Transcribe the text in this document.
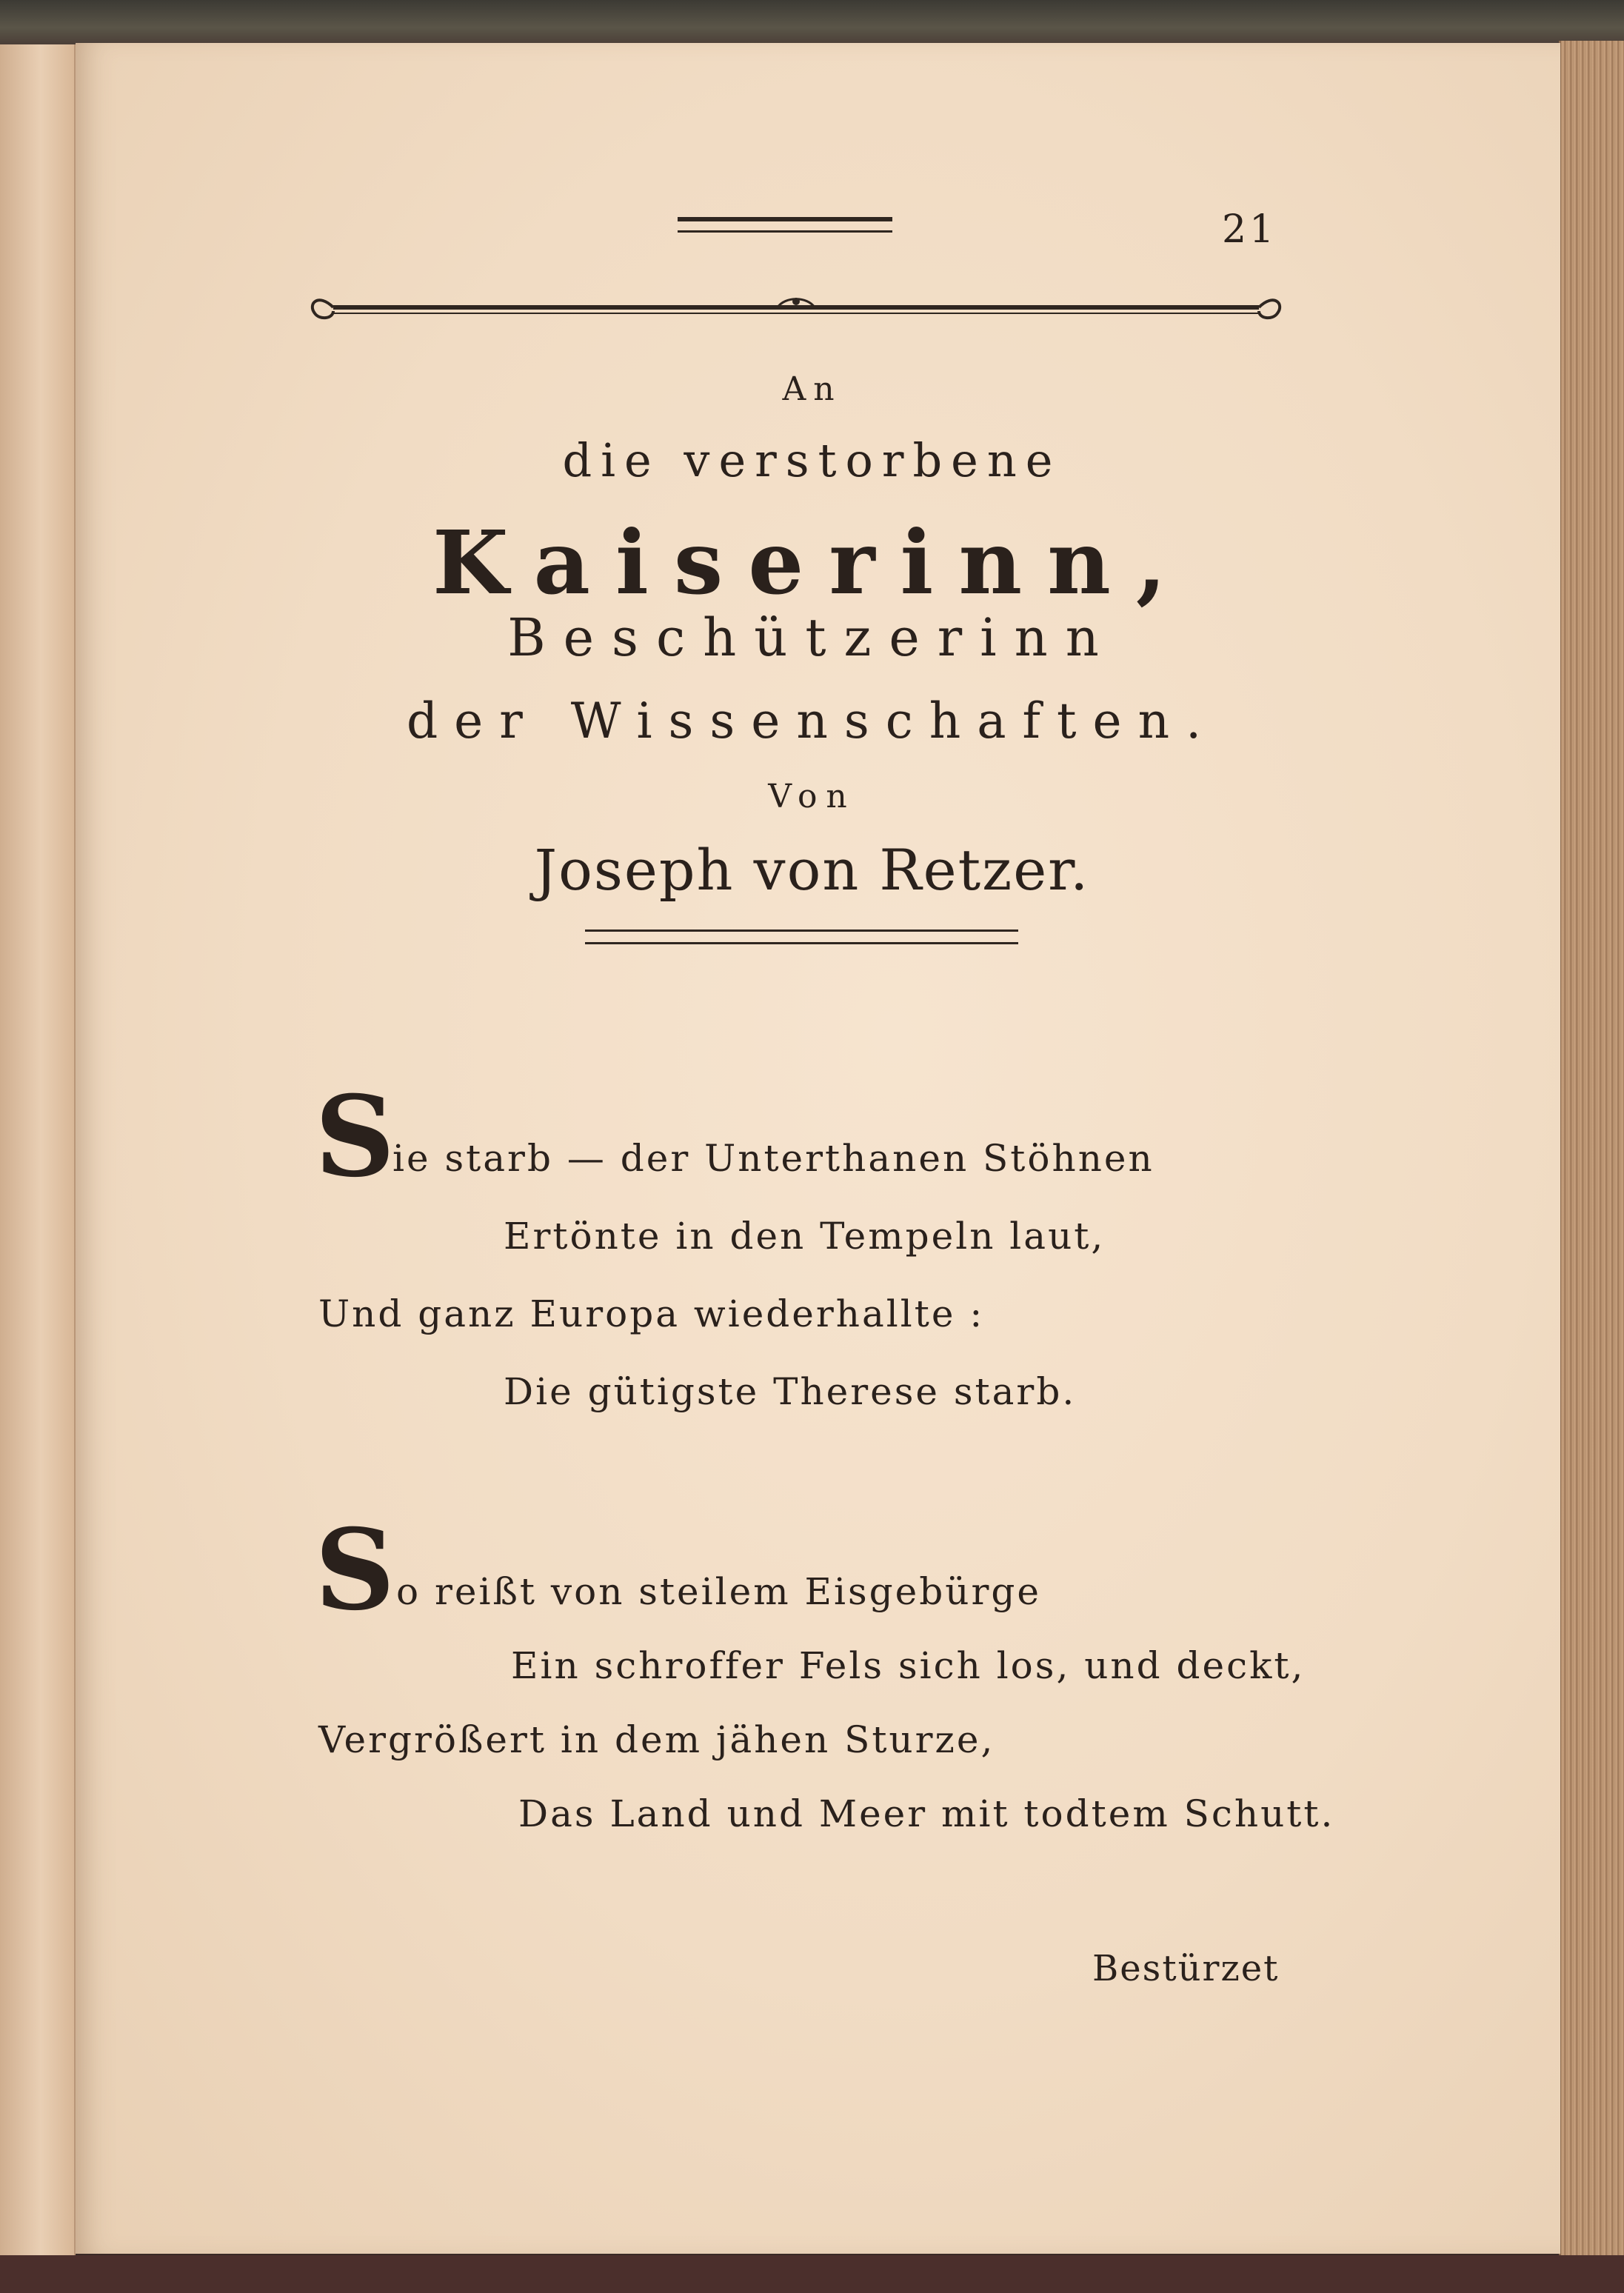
21
An
die verstorbene
Kaiserinn,
Beschützerinn
der Wissenschaften.
Von
Joseph von Retzer.
S
ie starb — der Unterthanen Stöhnen
Ertönte in den Tempeln laut,
Und ganz Europa wiederhallte :
Die gütigste Therese starb.
S o reißt von steilem Eisgebürge
Ein schroffer Fels sich los, und deckt,
Vergrößert in dem jähen Sturze,
Das Land und Meer mit todtem Schutt.
Bestürzet
